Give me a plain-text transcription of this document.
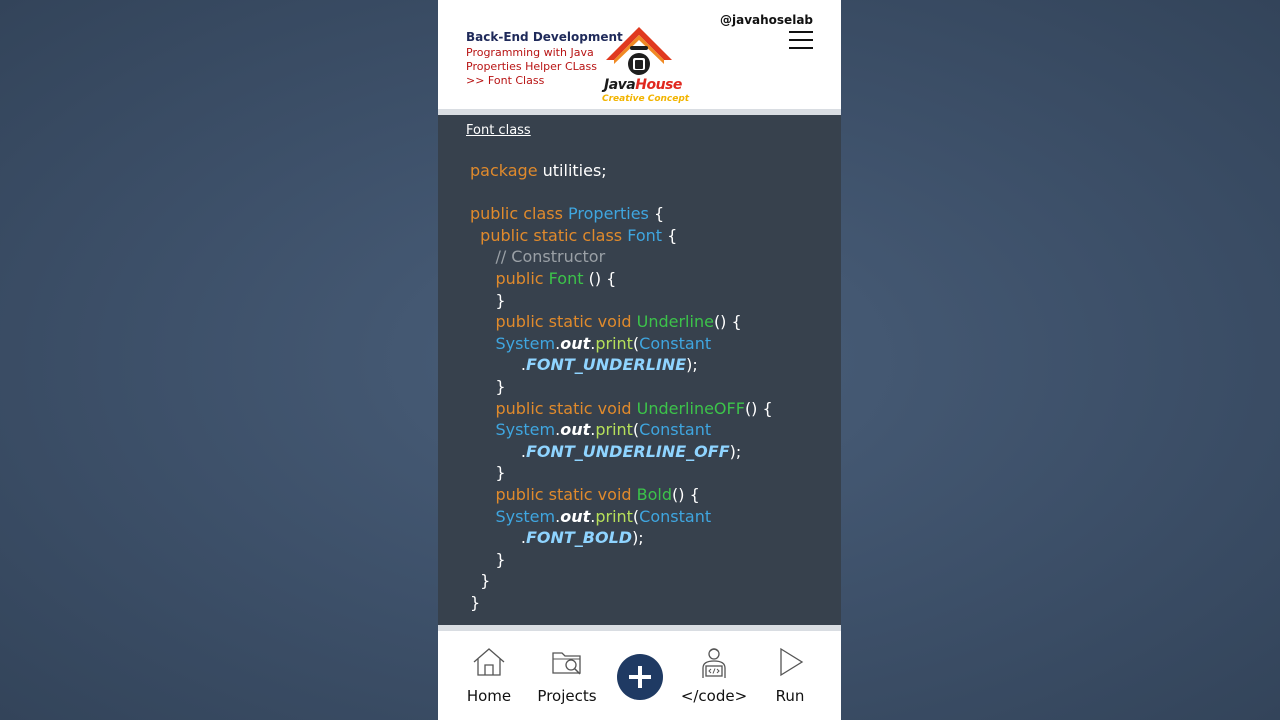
Back-End Development
Programming with Java
Properties Helper CLass
>> Font Class	JavaHouse
Creative Concept
@javahoselab
Font class
package utilities;
public class Properties {
public static class Font {
// Constructor
public Font () {
}
public static void Underline() {
System.out.print(Constant
.FONT_UNDERLINE);
}
public static void UnderlineOFF() {
System.out.print(Constant
.FONT_UNDERLINE_OFF);
}
public static void Bold() {
System.out.print(Constant
.FONT_BOLD);
}
}
}
Home	Projects	</code>	Run
